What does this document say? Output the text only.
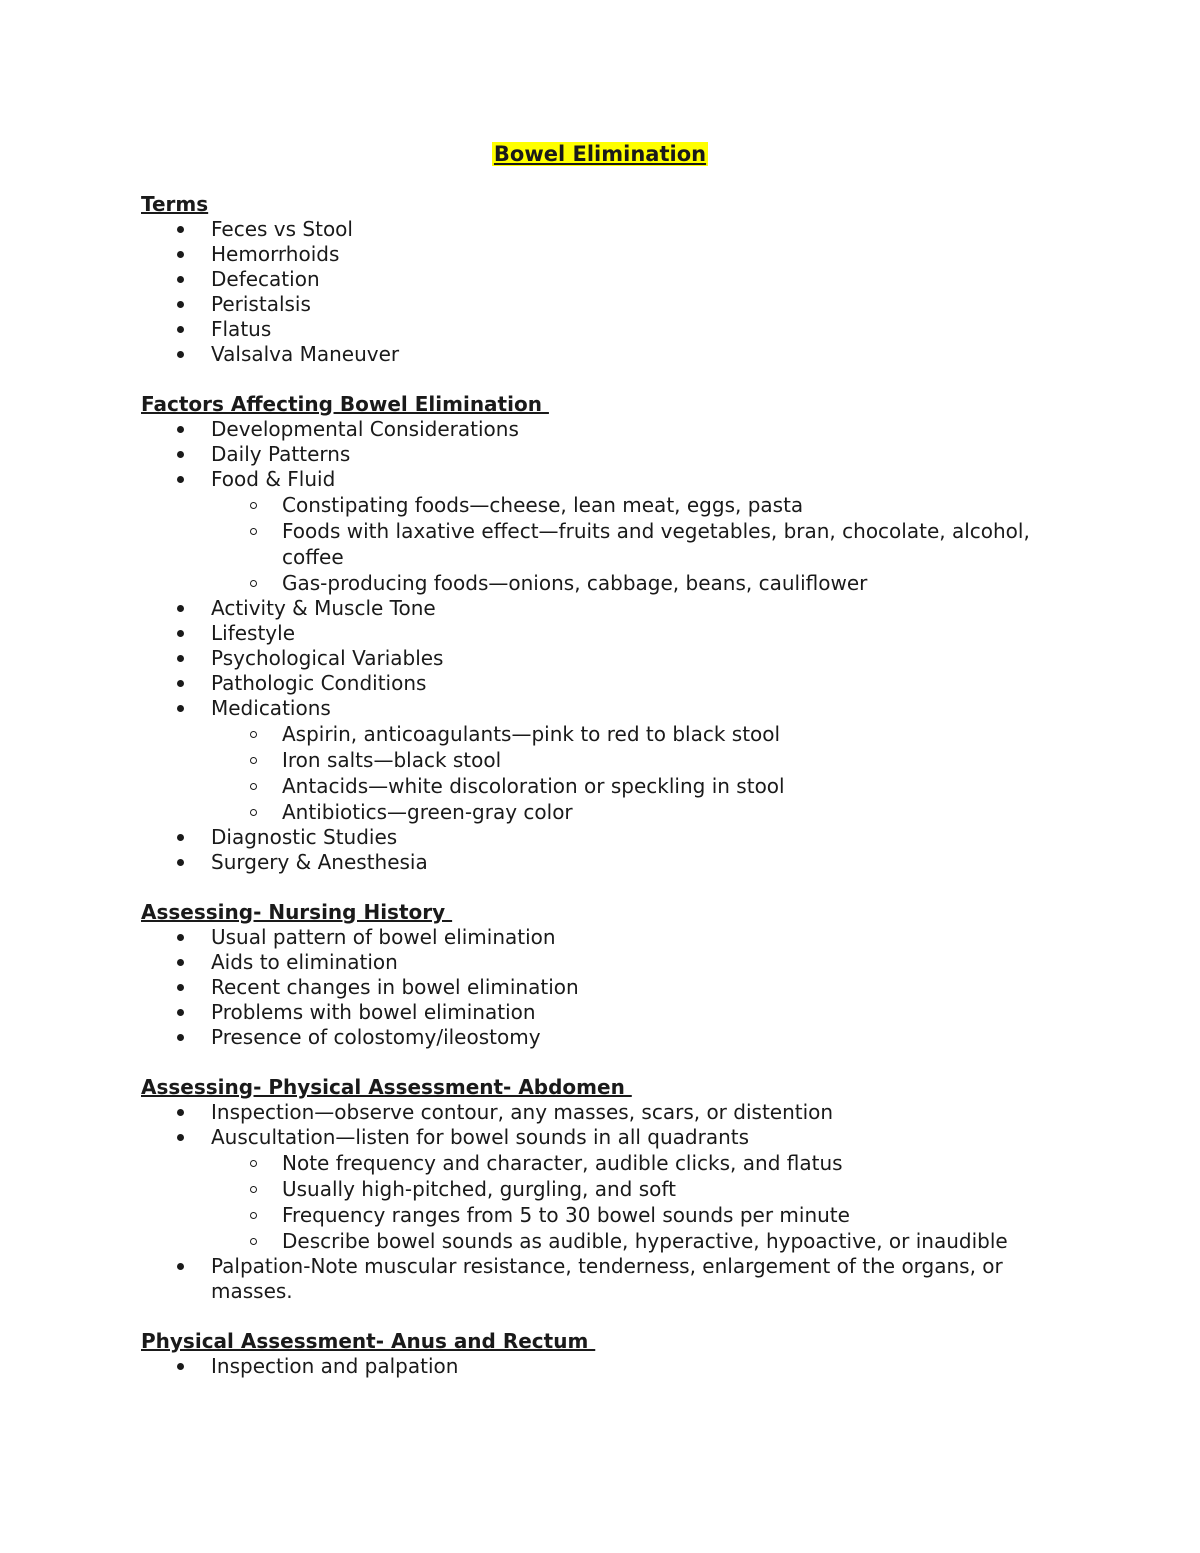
Bowel Elimination
Terms
Feces vs Stool
Hemorrhoids
Defecation
Peristalsis
Flatus
Valsalva Maneuver
Factors Affecting Bowel Elimination
Developmental Considerations
Daily Patterns
Food & Fluid
Constipating foods—cheese, lean meat, eggs, pasta
Foods with laxative effect—fruits and vegetables, bran, chocolate, alcohol, coffee
Gas-producing foods—onions, cabbage, beans, cauliflower
Activity & Muscle Tone
Lifestyle
Psychological Variables
Pathologic Conditions
Medications
Aspirin, anticoagulants—pink to red to black stool
Iron salts—black stool
Antacids—white discoloration or speckling in stool
Antibiotics—green-gray color
Diagnostic Studies
Surgery & Anesthesia
Assessing- Nursing History
Usual pattern of bowel elimination
Aids to elimination
Recent changes in bowel elimination
Problems with bowel elimination
Presence of colostomy/ileostomy
Assessing- Physical Assessment- Abdomen
Inspection—observe contour, any masses, scars, or distention
Auscultation—listen for bowel sounds in all quadrants
Note frequency and character, audible clicks, and flatus
Usually high-pitched, gurgling, and soft
Frequency ranges from 5 to 30 bowel sounds per minute
Describe bowel sounds as audible, hyperactive, hypoactive, or inaudible
Palpation-Note muscular resistance, tenderness, enlargement of the organs, or masses.
Physical Assessment- Anus and Rectum
Inspection and palpation
